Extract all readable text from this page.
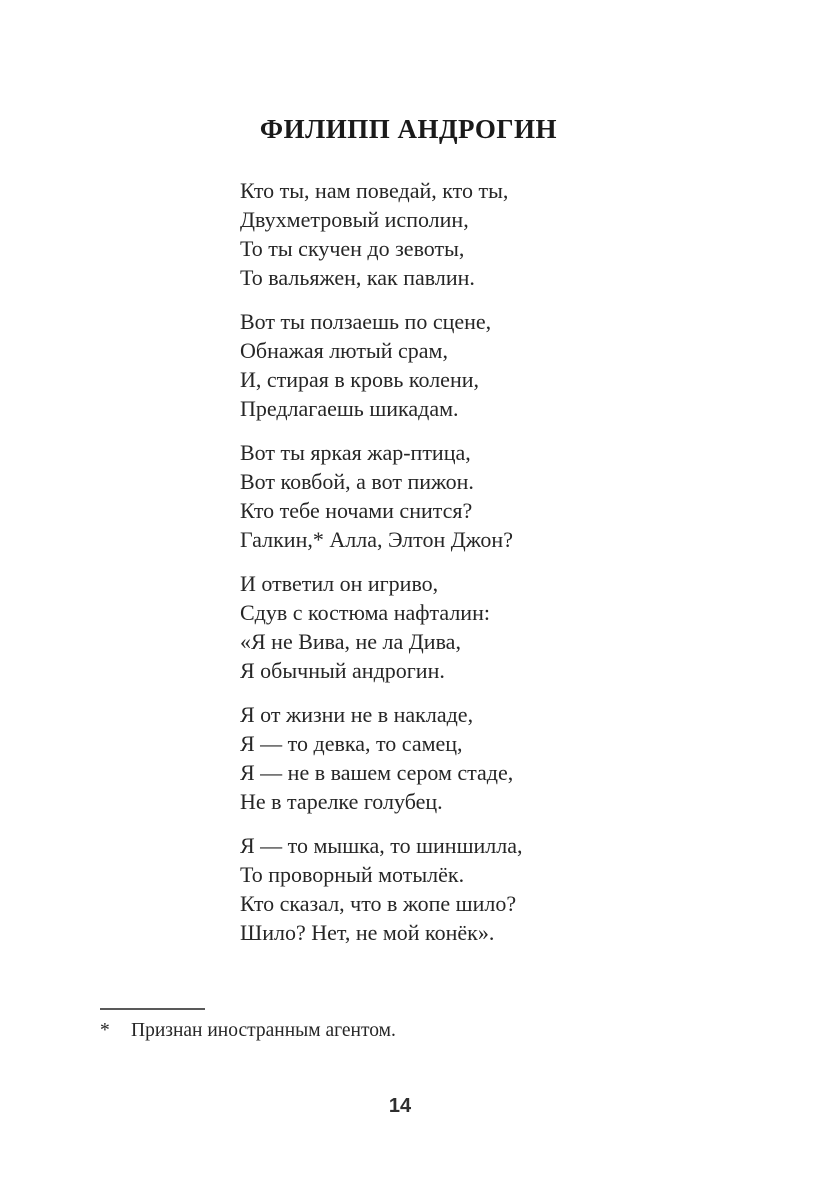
ФИЛИПП АНДРОГИН
Кто ты, нам поведай, кто ты,
Двухметровый исполин,
То ты скучен до зевоты,
То вальяжен, как павлин.
Вот ты ползаешь по сцене,
Обнажая лютый срам,
И, стирая в кровь колени,
Предлагаешь шикадам.
Вот ты яркая жар-птица,
Вот ковбой, а вот пижон.
Кто тебе ночами снится?
Галкин,* Алла, Элтон Джон?
И ответил он игриво,
Сдув с костюма нафталин:
«Я не Вива, не ла Дива,
Я обычный андрогин.
Я от жизни не в накладе,
Я — то девка, то самец,
Я — не в вашем сером стаде,
Не в тарелке голубец.
Я — то мышка, то шиншилла,
То проворный мотылёк.
Кто сказал, что в жопе шило?
Шило? Нет, не мой конёк».
* Признан иностранным агентом.
14
